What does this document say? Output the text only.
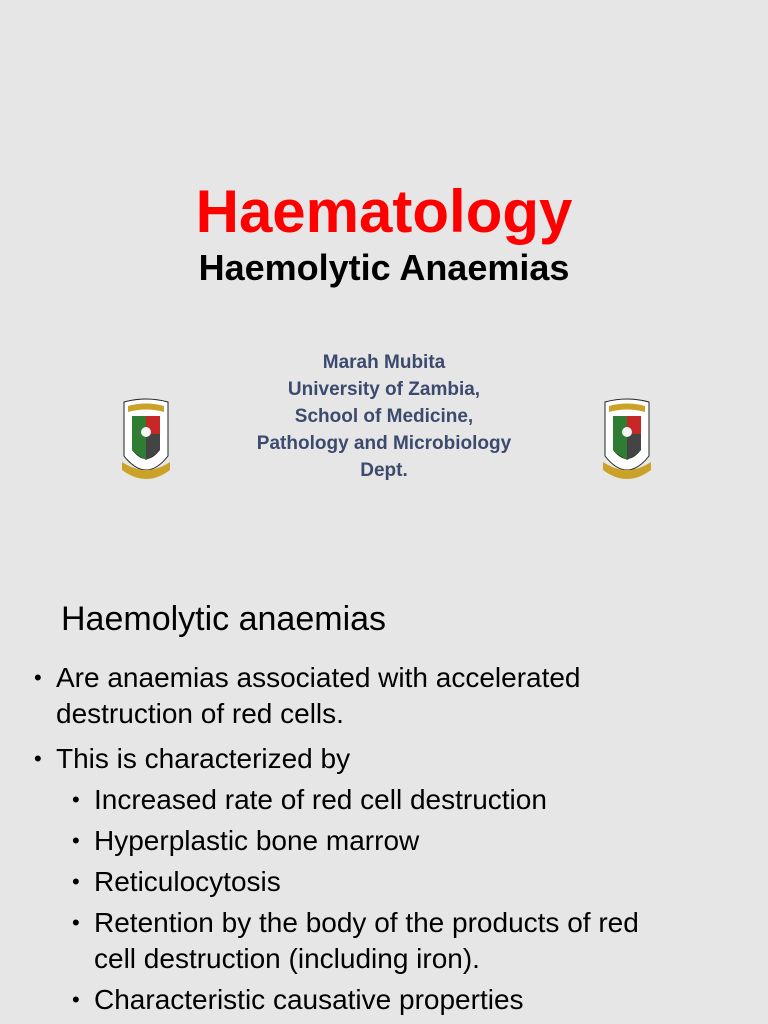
Haematology
Haemolytic Anaemias
Marah Mubita
University of Zambia,
School of Medicine,
Pathology and Microbiology
Dept.
Haemolytic anaemias
• Are anaemias associated with accelerated
destruction of red cells.
• This is characterized by
• Increased rate of red cell destruction
• Hyperplastic bone marrow
• Reticulocytosis
• Retention by the body of the products of red
cell destruction (including iron).
• Characteristic causative properties
